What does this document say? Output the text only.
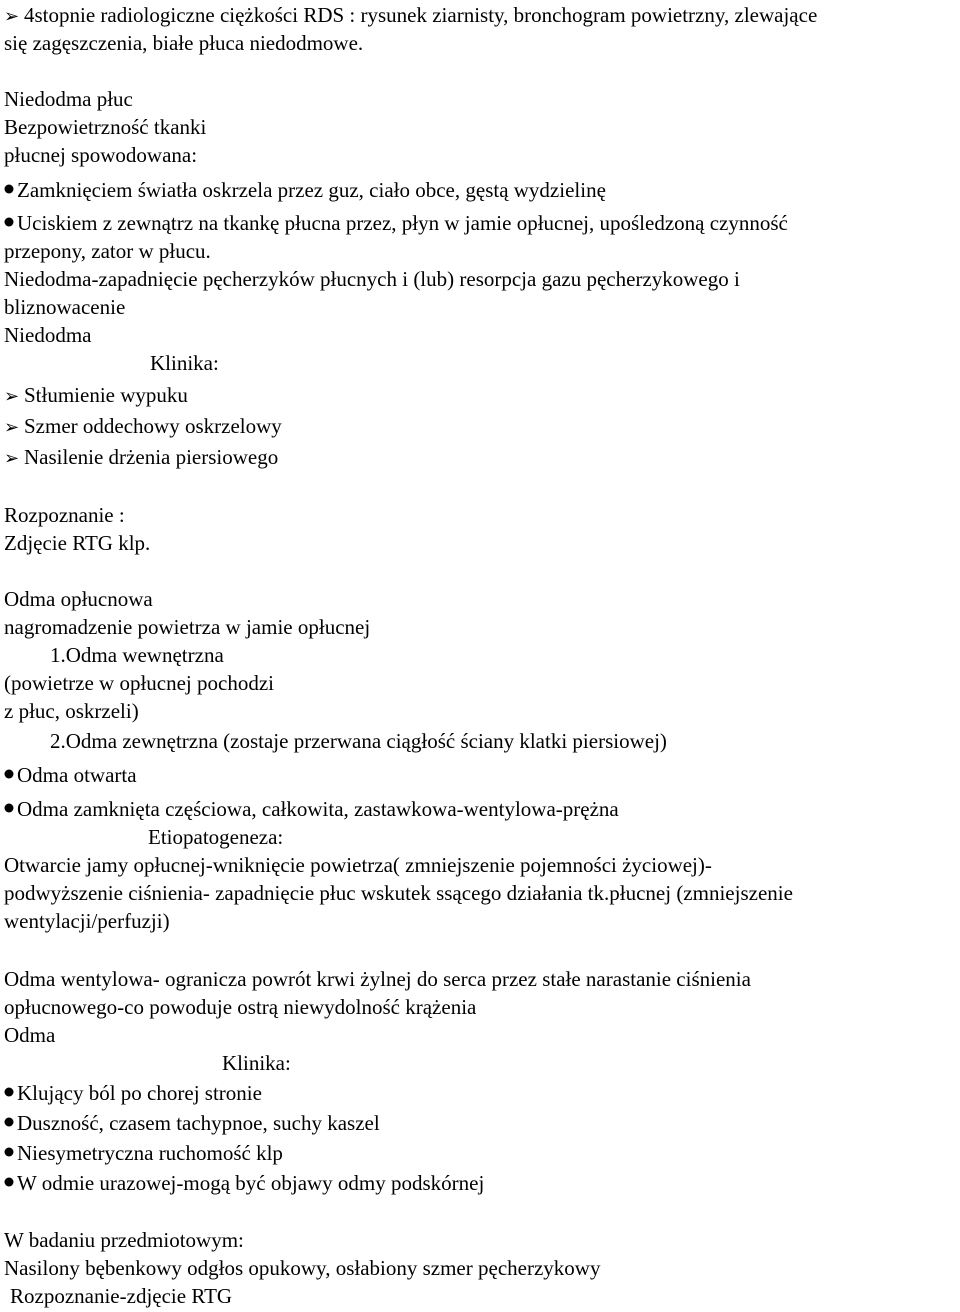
➢ 4stopnie radiologiczne ciężkości RDS : rysunek ziarnisty, bronchogram powietrzny, zlewające
się zagęszczenia, białe płuca niedodmowe.
Niedodma płuc
Bezpowietrzność tkanki
płucnej spowodowana:
Zamknięciem światła oskrzela przez guz, ciało obce, gęstą wydzielinę
Uciskiem z zewnątrz na tkankę płucna przez, płyn w jamie opłucnej, upośledzoną czynność
przepony, zator w płucu.
Niedodma-zapadnięcie pęcherzyków płucnych i (lub) resorpcja gazu pęcherzykowego i
bliznowacenie
Niedodma
Klinika:
➢ Stłumienie wypuku
➢ Szmer oddechowy oskrzelowy
➢ Nasilenie drżenia piersiowego
Rozpoznanie :
Zdjęcie RTG klp.
Odma opłucnowa
nagromadzenie powietrza w jamie opłucnej
1.Odma wewnętrzna
(powietrze w opłucnej pochodzi
z płuc, oskrzeli)
2.Odma zewnętrzna (zostaje przerwana ciągłość ściany klatki piersiowej)
Odma otwarta
Odma zamknięta częściowa, całkowita, zastawkowa-wentylowa-prężna
Etiopatogeneza:
Otwarcie jamy opłucnej-wniknięcie powietrza( zmniejszenie pojemności życiowej)-
podwyższenie ciśnienia- zapadnięcie płuc wskutek ssącego działania tk.płucnej (zmniejszenie
wentylacji/perfuzji)
Odma wentylowa- ogranicza powrót krwi żylnej do serca przez stałe narastanie ciśnienia
opłucnowego-co powoduje ostrą niewydolność krążenia
Odma
Klinika:
Klujący ból po chorej stronie
Duszność, czasem tachypnoe, suchy kaszel
Niesymetryczna ruchomość klp
W odmie urazowej-mogą być objawy odmy podskórnej
W badaniu przedmiotowym:
Nasilony bębenkowy odgłos opukowy, osłabiony szmer pęcherzykowy
Rozpoznanie-zdjęcie RTG
